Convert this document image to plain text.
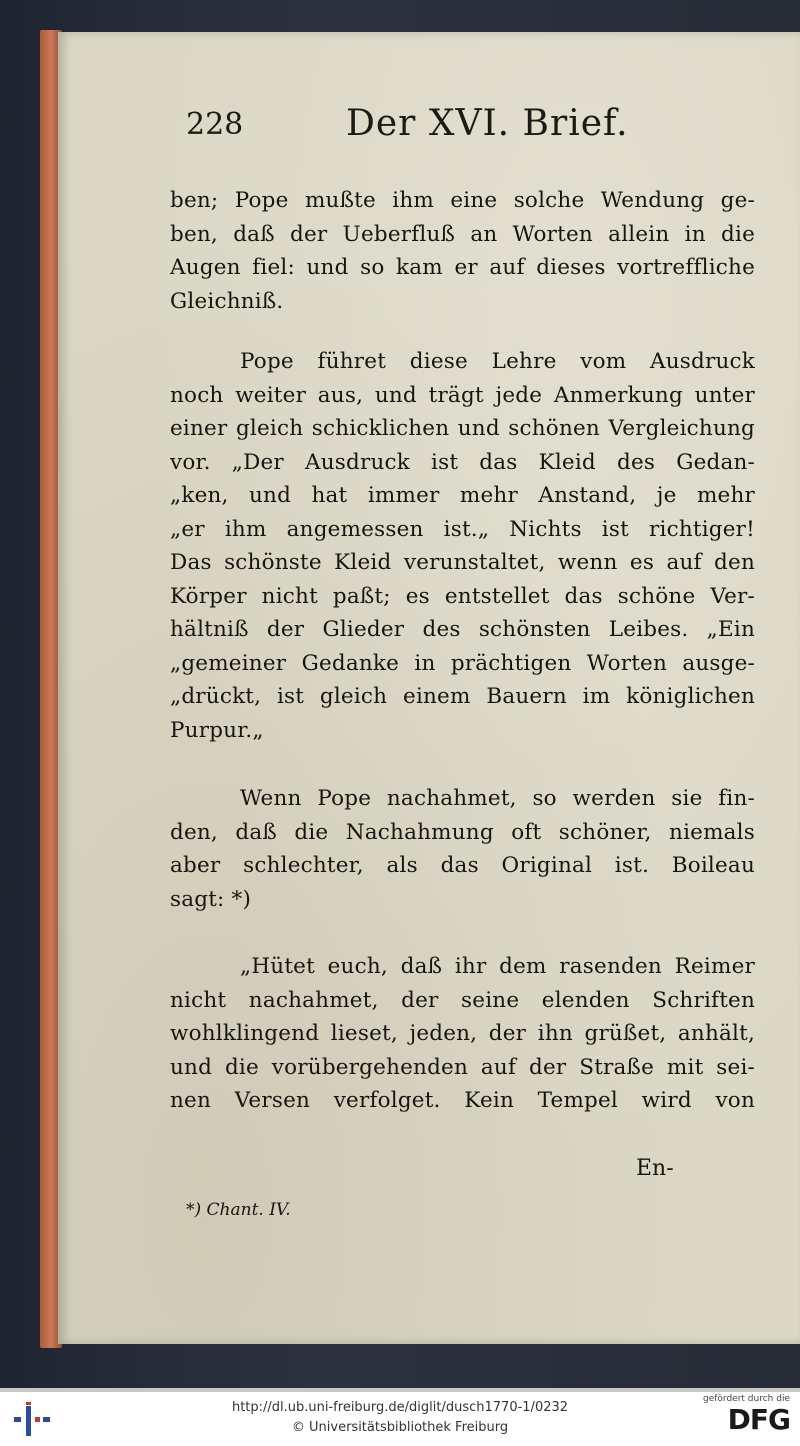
228	Der XVI. Brief.
ben; Pope mußte ihm eine solche Wendung ge-
ben, daß der Ueberfluß an Worten allein in die
Augen fiel: und so kam er auf dieses vortreffliche
Gleichniß.
Pope führet diese Lehre vom Ausdruck
noch weiter aus, und trägt jede Anmerkung unter
einer gleich schicklichen und schönen Vergleichung
vor. „Der Ausdruck ist das Kleid des Gedan-
„ken, und hat immer mehr Anstand, je mehr
„er ihm angemessen ist.„ Nichts ist richtiger!
Das schönste Kleid verunstaltet, wenn es auf den
Körper nicht paßt; es entstellet das schöne Ver-
hältniß der Glieder des schönsten Leibes. „Ein
„gemeiner Gedanke in prächtigen Worten ausge-
„drückt, ist gleich einem Bauern im königlichen
Purpur.„
Wenn Pope nachahmet, so werden sie fin-
den, daß die Nachahmung oft schöner, niemals
aber schlechter, als das Original ist. Boileau
sagt: *)
„Hütet euch, daß ihr dem rasenden Reimer
nicht nachahmet, der seine elenden Schriften
wohlklingend lieset, jeden, der ihn grüßet, anhält,
und die vorübergehenden auf der Straße mit sei-
nen Versen verfolget. Kein Tempel wird von
En-
*) Chant. IV.
http://dl.ub.uni-freiburg.de/diglit/dusch1770-1/0232
© Universitätsbibliothek Freiburg
gefördert durch die
DFG
